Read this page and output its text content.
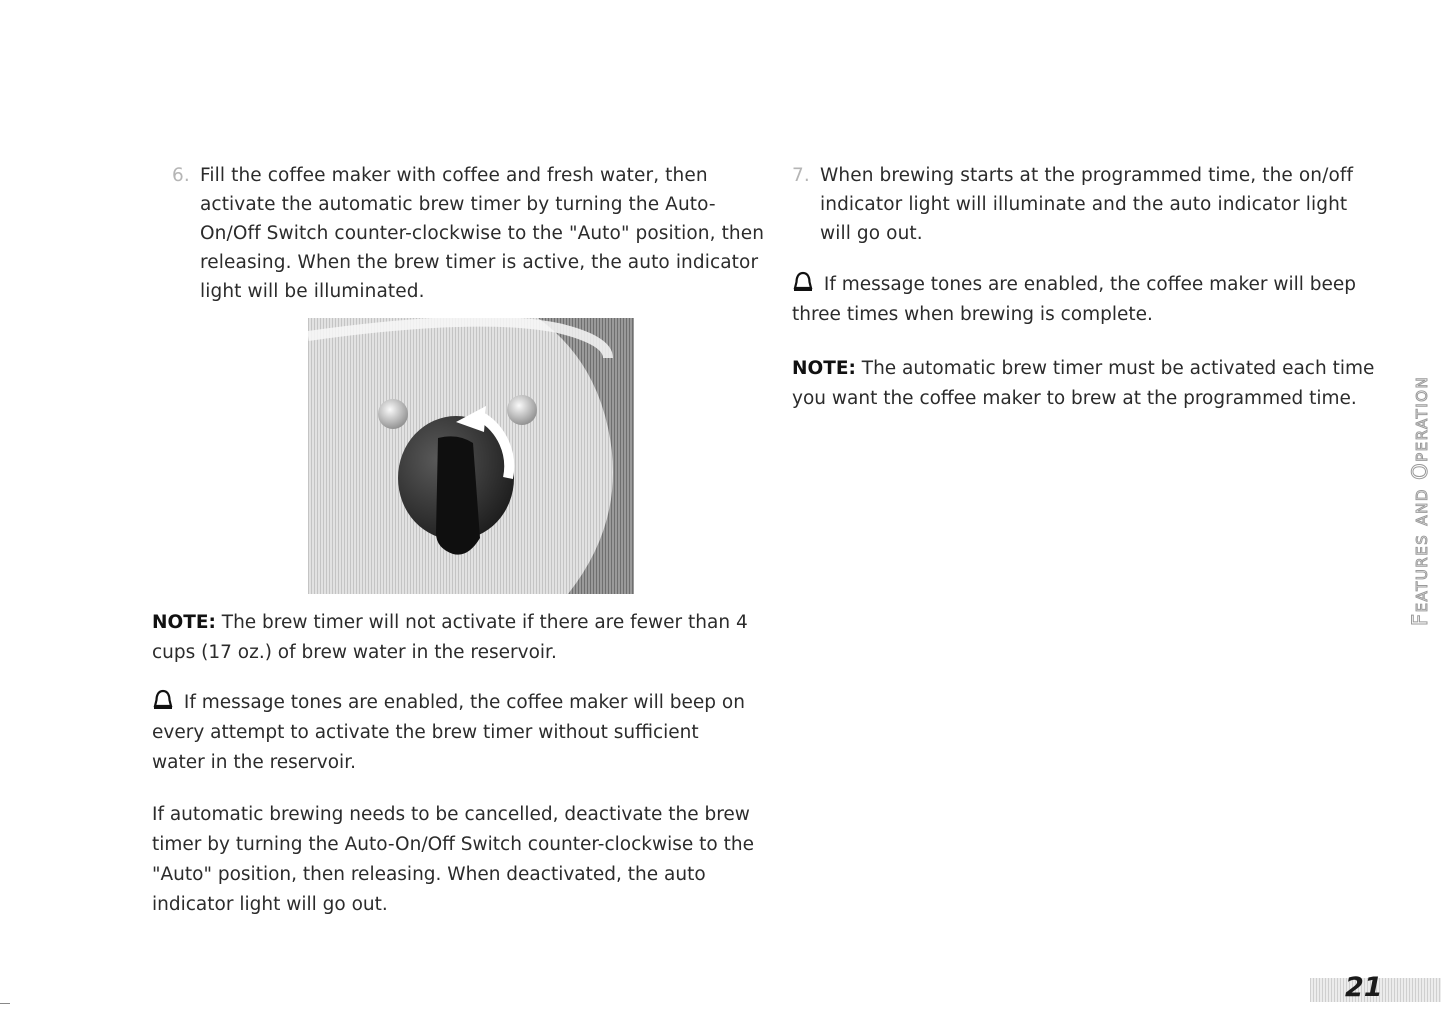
6. Fill the coffee maker with coffee and fresh water, then activate the automatic brew timer by turning the Auto-On/Off Switch counter-clockwise to the "Auto" position, then releasing. When the brew timer is active, the auto indicator light will be illuminated.
NOTE: The brew timer will not activate if there are fewer than 4 cups (17 oz.) of brew water in the reservoir.
If message tones are enabled, the coffee maker will beep on every attempt to activate the brew timer without sufficient water in the reservoir.
If automatic brewing needs to be cancelled, deactivate the brew timer by turning the Auto-On/Off Switch counter-clockwise to the "Auto" position, then releasing. When deactivated, the auto indicator light will go out.
7. When brewing starts at the programmed time, the on/off indicator light will illuminate and the auto indicator light will go out.
If message tones are enabled, the coffee maker will beep three times when brewing is complete.
NOTE: The automatic brew timer must be activated each time you want the coffee maker to brew at the programmed time.	Features and Operation
21
